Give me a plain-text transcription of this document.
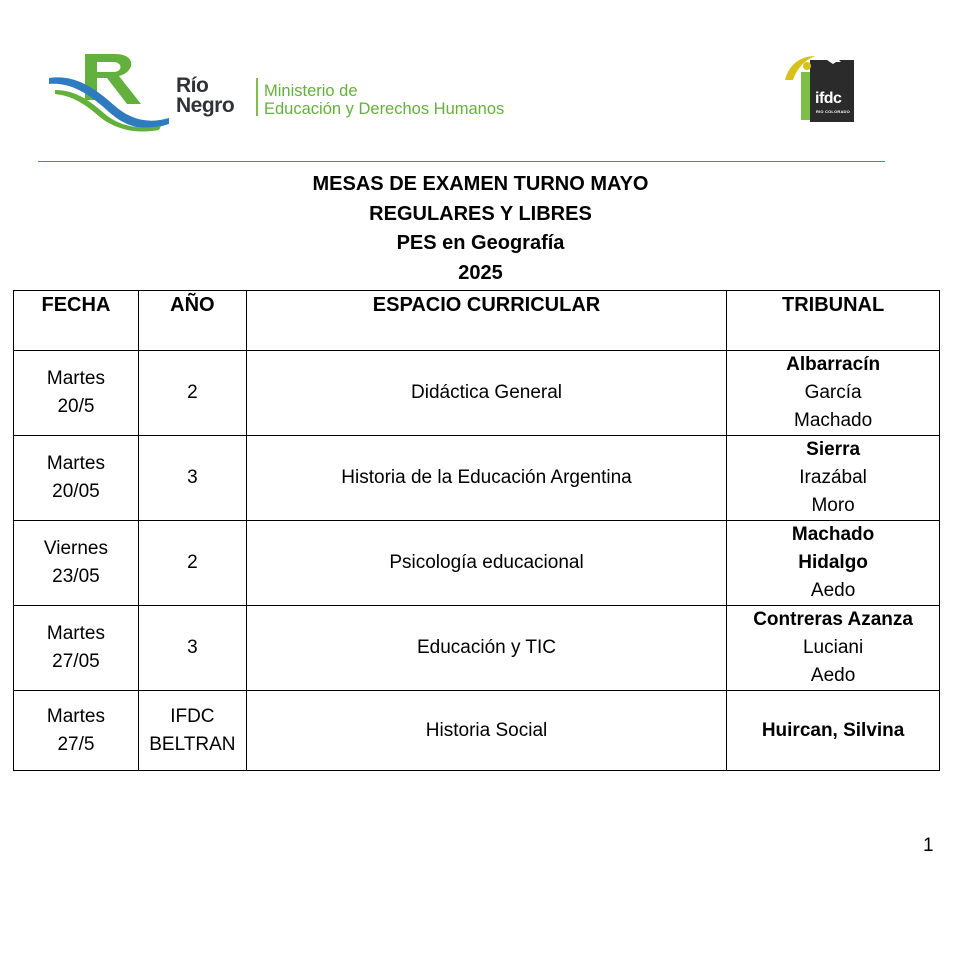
Río
Negro
Ministerio de
Educación y Derechos Humanos
ifdc
RIO COLORADO
MESAS DE EXAMEN TURNO MAYO
REGULARES Y LIBRES
PES en Geografía
2025
FECHA	AÑO	ESPACIO CURRICULAR	TRIBUNAL

Martes
20/5	2	Didáctica General	Albarracín
García
Machado

Martes
20/05	3	Historia de la Educación Argentina	Sierra
Irazábal
Moro

Viernes
23/05	2	Psicología educacional	Machado
Hidalgo
Aedo

Martes
27/05	3	Educación y TIC	Contreras Azanza
Luciani
Aedo

Martes
27/5	IFDC
BELTRAN	Historia Social	Huircan, Silvina
1
